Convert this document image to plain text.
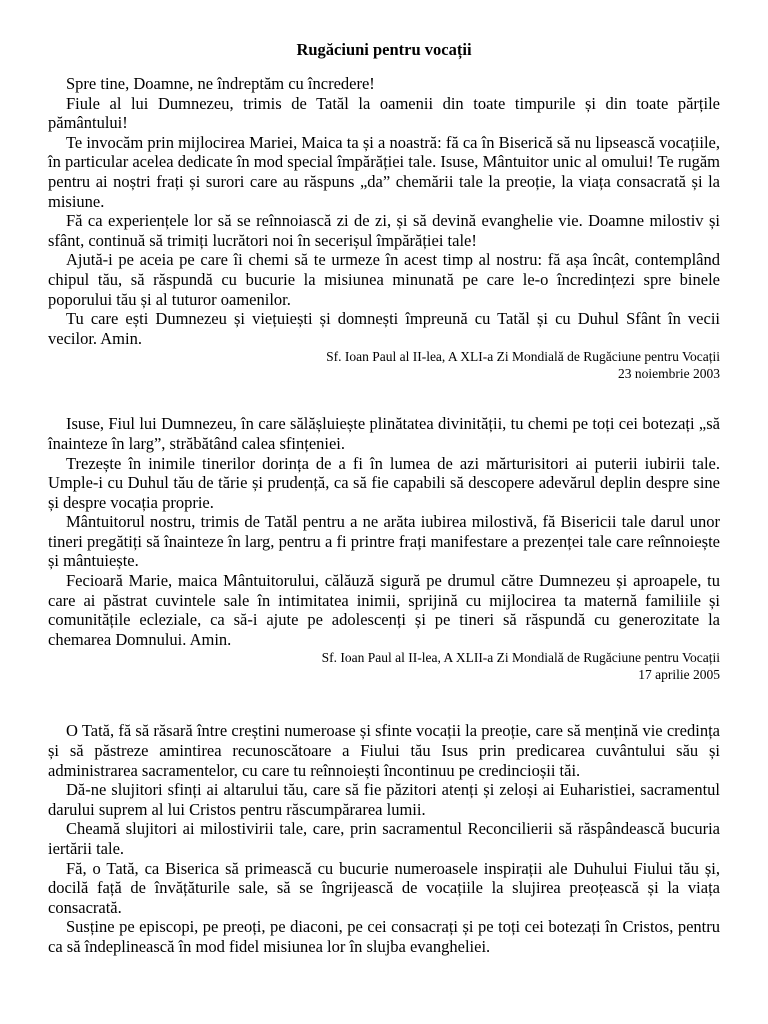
Rugăciuni pentru vocații

Spre tine, Doamne, ne îndreptăm cu încredere!

Fiule al lui Dumnezeu, trimis de Tatăl la oamenii din toate timpurile și din toate părțile pământului!

Te invocăm prin mijlocirea Mariei, Maica ta și a noastră: fă ca în Biserică să nu lipsească vocațiile, în particular acelea dedicate în mod special împărăției tale. Isuse, Mântuitor unic al omului! Te rugăm pentru ai noștri frați și surori care au răspuns „da” chemării tale la preoție, la viața consacrată și la misiune.

Fă ca experiențele lor să se reînnoiască zi de zi, și să devină evanghelie vie. Doamne milostiv și sfânt, continuă să trimiți lucrători noi în secerișul împărăției tale!

Ajută-i pe aceia pe care îi chemi să te urmeze în acest timp al nostru: fă așa încât, contemplând chipul tău, să răspundă cu bucurie la misiunea minunată pe care le-o încredințezi spre binele poporului tău și al tuturor oamenilor.

Tu care ești Dumnezeu și viețuiești și domnești împreună cu Tatăl și cu Duhul Sfânt în vecii vecilor. Amin.

Sf. Ioan Paul al II-lea, A XLI-a Zi Mondială de Rugăciune pentru Vocații
23 noiembrie 2003

Isuse, Fiul lui Dumnezeu, în care sălășluiește plinătatea divinității, tu chemi pe toți cei botezați „să înainteze în larg”, străbătând calea sfințeniei.

Trezește în inimile tinerilor dorința de a fi în lumea de azi mărturisitori ai puterii iubirii tale. Umple-i cu Duhul tău de tărie și prudență, ca să fie capabili să descopere adevărul deplin despre sine și despre vocația proprie.

Mântuitorul nostru, trimis de Tatăl pentru a ne arăta iubirea milostivă, fă Bisericii tale darul unor tineri pregătiți să înainteze în larg, pentru a fi printre frați manifestare a prezenței tale care reînnoiește și mântuiește.

Fecioară Marie, maica Mântuitorului, călăuză sigură pe drumul către Dumnezeu și aproapele, tu care ai păstrat cuvintele sale în intimitatea inimii, sprijină cu mijlocirea ta maternă familiile și comunitățile ecleziale, ca să-i ajute pe adolescenți și pe tineri să răspundă cu generozitate la chemarea Domnului. Amin.

Sf. Ioan Paul al II-lea, A XLII-a Zi Mondială de Rugăciune pentru Vocații
17 aprilie 2005

O Tată, fă să răsară între creștini numeroase și sfinte vocații la preoție, care să mențină vie credința și să păstreze amintirea recunoscătoare a Fiului tău Isus prin predicarea cuvântului său și administrarea sacramentelor, cu care tu reînnoiești încontinuu pe credincioșii tăi.

Dă-ne slujitori sfinți ai altarului tău, care să fie păzitori atenți și zeloși ai Euharistiei, sacramentul darului suprem al lui Cristos pentru răscumpărarea lumii.

Cheamă slujitori ai milostivirii tale, care, prin sacramentul Reconcilierii să răspândească bucuria iertării tale.

Fă, o Tată, ca Biserica să primească cu bucurie numeroasele inspirații ale Duhului Fiului tău și, docilă față de învățăturile sale, să se îngrijească de vocațiile la slujirea preoțească și la viața consacrată.

Susține pe episcopi, pe preoți, pe diaconi, pe cei consacrați și pe toți cei botezați în Cristos, pentru ca să îndeplinească în mod fidel misiunea lor în slujba evangheliei.
